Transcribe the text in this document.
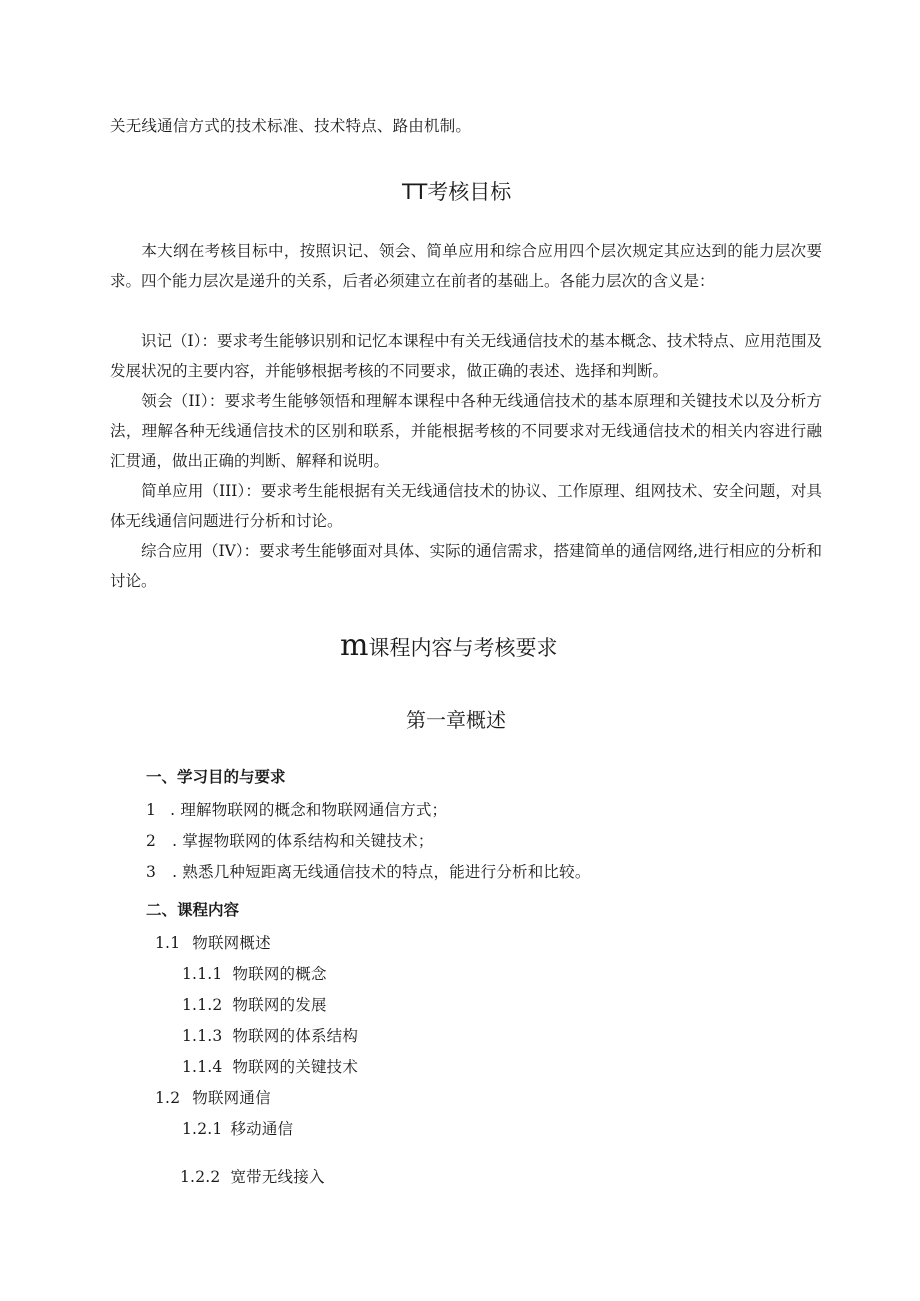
关无线通信方式的技术标准、技术特点、路由机制。
TT考核目标
本大纲在考核目标中，按照识记、领会、简单应用和综合应用四个层次规定其应达到的能力层次要求。四个能力层次是递升的关系，后者必须建立在前者的基础上。各能力层次的含义是：
识记（I）：要求考生能够识别和记忆本课程中有关无线通信技术的基本概念、技术特点、应用范围及发展状况的主要内容，并能够根据考核的不同要求，做正确的表述、选择和判断。
领会（II）：要求考生能够领悟和理解本课程中各种无线通信技术的基本原理和关键技术以及分析方法，理解各种无线通信技术的区别和联系，并能根据考核的不同要求对无线通信技术的相关内容进行融汇贯通，做出正确的判断、解释和说明。
简单应用（III）：要求考生能根据有关无线通信技术的协议、工作原理、组网技术、安全问题，对具体无线通信问题进行分析和讨论。
综合应用（IV）：要求考生能够面对具体、实际的通信需求，搭建简单的通信网络,进行相应的分析和讨论。
m课程内容与考核要求
第一章概述
一、学习目的与要求
1 . 理解物联网的概念和物联网通信方式；
2 . 掌握物联网的体系结构和关键技术；
3 . 熟悉几种短距离无线通信技术的特点，能进行分析和比较。
二、课程内容
1.1 物联网概述
1.1.1 物联网的概念
1.1.2 物联网的发展
1.1.3 物联网的体系结构
1.1.4 物联网的关键技术
1.2 物联网通信
1.2.1 移动通信
1.2.2 宽带无线接入
